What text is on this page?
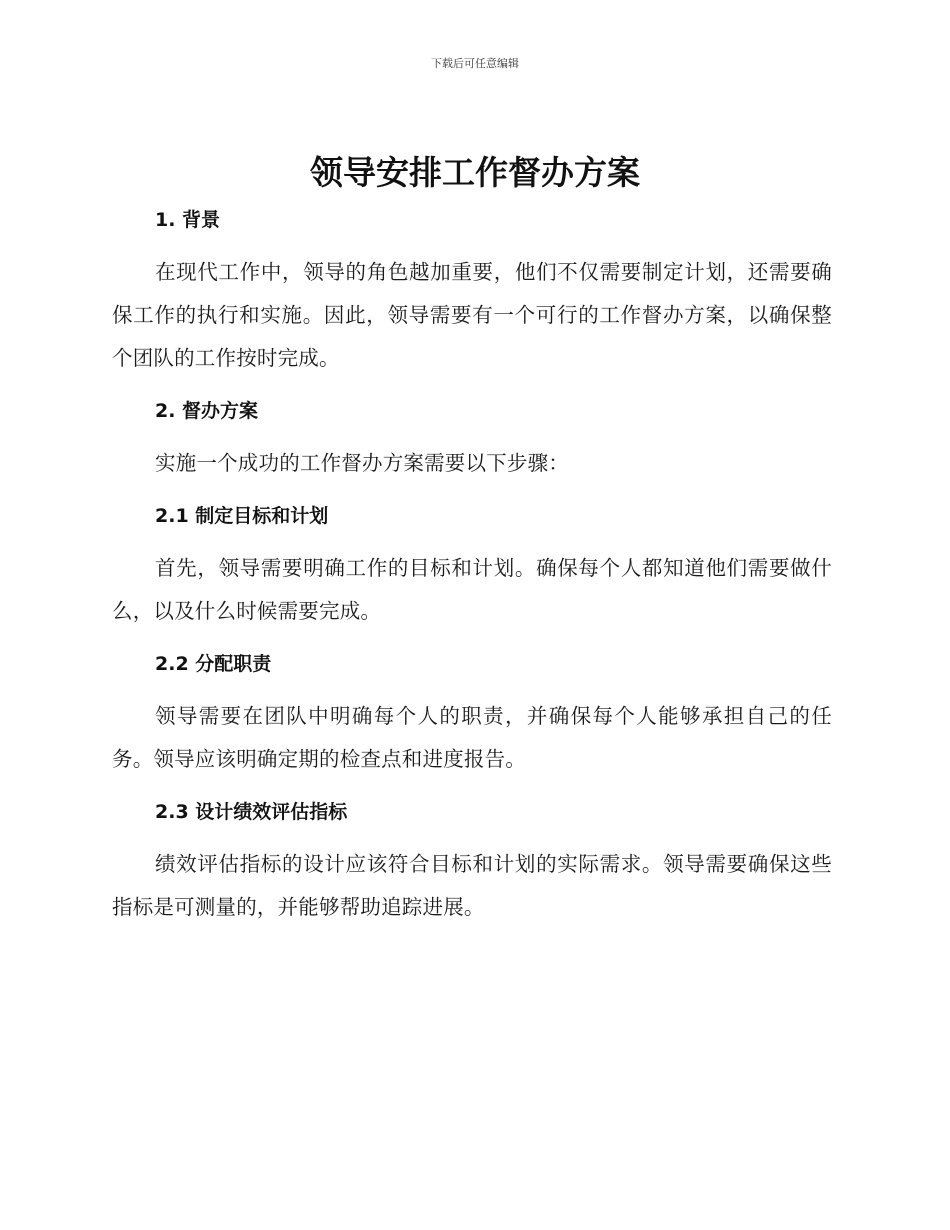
下载后可任意编辑
领导安排工作督办方案
1. 背景

在现代工作中，领导的角色越加重要，他们不仅需要制定计划，还需要确保工作的执行和实施。因此，领导需要有一个可行的工作督办方案，以确保整个团队的工作按时完成。

2. 督办方案

实施一个成功的工作督办方案需要以下步骤：

2.1 制定目标和计划

首先，领导需要明确工作的目标和计划。确保每个人都知道他们需要做什么，以及什么时候需要完成。

2.2 分配职责

领导需要在团队中明确每个人的职责，并确保每个人能够承担自己的任务。领导应该明确定期的检查点和进度报告。

2.3 设计绩效评估指标

绩效评估指标的设计应该符合目标和计划的实际需求。领导需要确保这些指标是可测量的，并能够帮助追踪进展。
